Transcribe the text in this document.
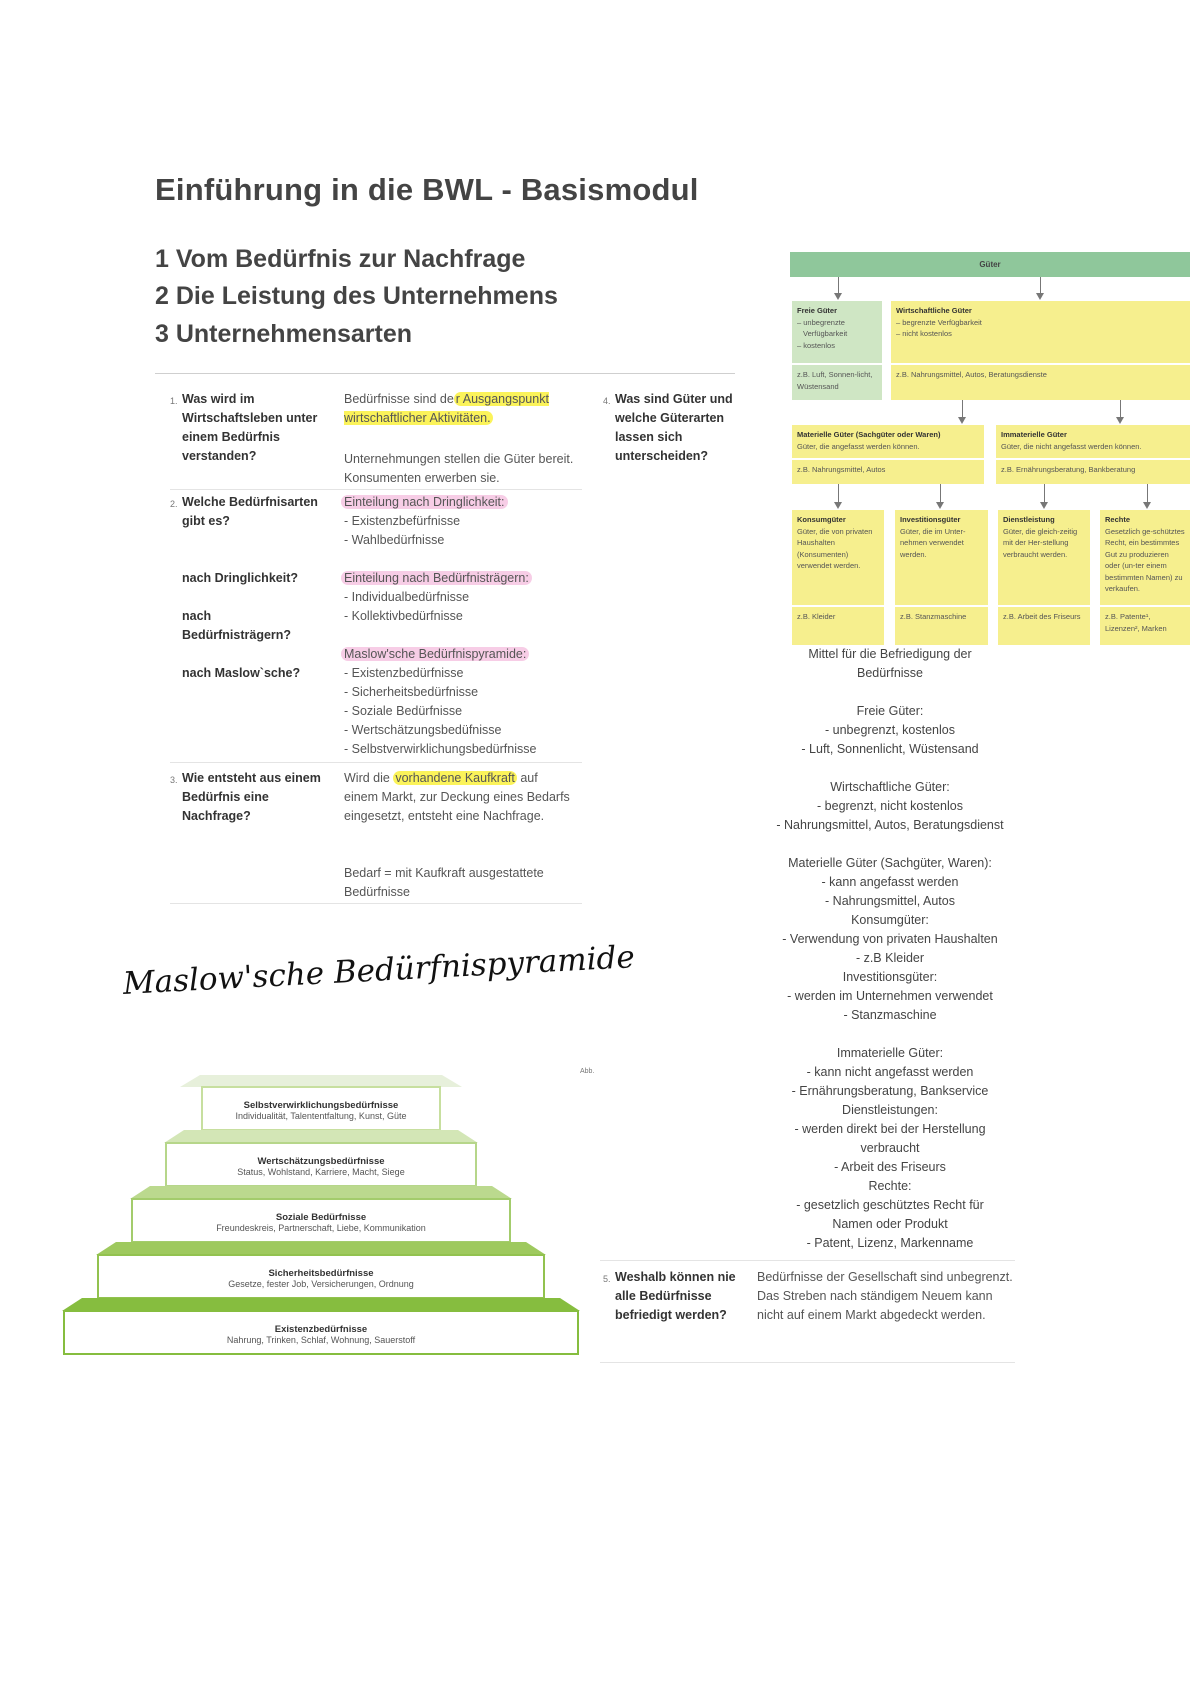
Einführung in die BWL - Basismodul
1 Vom Bedürfnis zur Nachfrage
2 Die Leistung des Unternehmens
3 Unternehmensarten
1. Was wird im Wirtschaftsleben unter einem Bedürfnis verstanden?
Bedürfnisse sind de r Ausgangspunkt wirtschaftlicher Aktivitäten.
Unternehmungen stellen die Güter bereit. Konsumenten erwerben sie.
2. Welche Bedürfnisarten gibt es?
nach Dringlichkeit?
nach Bedürfnisträgern?
nach Maslow`sche?
Einteilung nach Dringlichkeit:
- Existenzbefürfnisse
- Wahlbedürfnisse
Einteilung nach Bedürfnisträgern:
- Individualbedürfnisse
- Kollektivbedürfnisse
Maslow'sche Bedürfnispyramide:
- Existenzbedürfnisse
- Sicherheitsbedürfnisse
- Soziale Bedürfnisse
- Wertschätzungsbedüfnisse
- Selbstverwirklichungsbedürfnisse
3. Wie entsteht aus einem Bedürfnis eine Nachfrage?
Wird die vorhandene Kaufkraft auf einem Markt, zur Deckung eines Bedarfs eingesetzt, entsteht eine Nachfrage.
Bedarf = mit Kaufkraft ausgestattete Bedürfnisse
4. Was sind Güter und welche Güterarten lassen sich unterscheiden?
Maslow'sche Bedürfnispyramide
Abb.
Selbstverwirklichungsbedürfnisse
Individualität, Talententfaltung, Kunst, Güte
Wertschätzungsbedürfnisse
Status, Wohlstand, Karriere, Macht, Siege
Soziale Bedürfnisse
Freundeskreis, Partnerschaft, Liebe, Kommunikation
Sicherheitsbedürfnisse
Gesetze, fester Job, Versicherungen, Ordnung
Existenzbedürfnisse
Nahrung, Trinken, Schlaf, Wohnung, Sauerstoff
Güter
Freie Güter
– unbegrenzte
Verfügbarkeit
– kostenlos
z.B. Luft, Sonnen-licht, Wüstensand
Wirtschaftliche Güter
– begrenzte Verfügbarkeit
– nicht kostenlos
z.B. Nahrungsmittel, Autos, Beratungsdienste
Materielle Güter (Sachgüter oder Waren)
Güter, die angefasst werden können.
z.B. Nahrungsmittel, Autos
Immaterielle Güter
Güter, die nicht angefasst werden können.
z.B. Ernährungsberatung, Bankberatung
Konsumgüter
Güter, die von privaten Haushalten (Konsumenten) verwendet werden.
z.B. Kleider
Investitionsgüter
Güter, die im Unter-nehmen verwendet werden.
z.B. Stanzmaschine
Dienstleistung
Güter, die gleich-zeitig mit der Her-stellung verbraucht werden.
z.B. Arbeit des Friseurs
Rechte
Gesetzlich ge-schütztes Recht, ein bestimmtes Gut zu produzieren oder (un-ter einem bestimmten Namen) zu verkaufen.
z.B. Patente¹, Lizenzen², Marken
Mittel für die Befriedigung der
Bedürfnisse
Freie Güter:
- unbegrenzt, kostenlos
- Luft, Sonnenlicht, Wüstensand
Wirtschaftliche Güter:
- begrenzt, nicht kostenlos
- Nahrungsmittel, Autos, Beratungsdienst
Materielle Güter (Sachgüter, Waren):
- kann angefasst werden
- Nahrungsmittel, Autos
Konsumgüter:
- Verwendung von privaten Haushalten
- z.B Kleider
Investitionsgüter:
- werden im Unternehmen verwendet
- Stanzmaschine
Immaterielle Güter:
- kann nicht angefasst werden
- Ernährungsberatung, Bankservice
Dienstleistungen:
- werden direkt bei der Herstellung
verbraucht
- Arbeit des Friseurs
Rechte:
- gesetzlich geschütztes Recht für
Namen oder Produkt
- Patent, Lizenz, Markenname
5. Weshalb können nie alle Bedürfnisse befriedigt werden?
Bedürfnisse der Gesellschaft sind unbegrenzt. Das Streben nach ständigem Neuem kann nicht auf einem Markt abgedeckt werden.
